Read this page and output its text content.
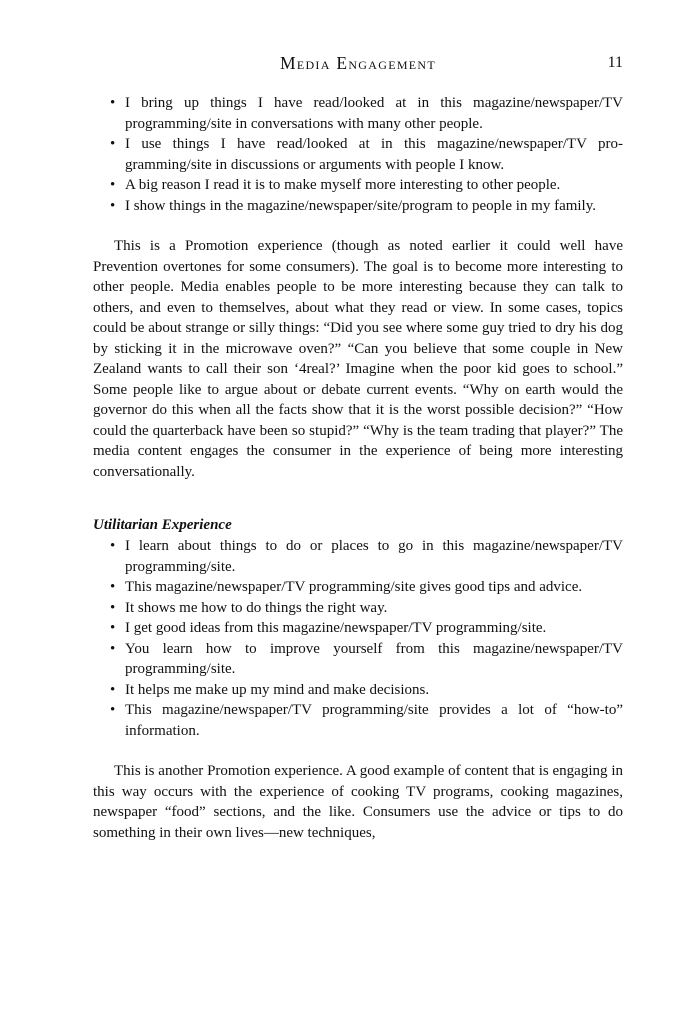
Media Engagement	11
• I bring up things I have read/looked at in this magazine/newspaper/TV programming/site in conversations with many other people.
• I use things I have read/looked at in this magazine/newspaper/TV programming/site in discussions or arguments with people I know.
• A big reason I read it is to make myself more interesting to other people.
• I show things in the magazine/newspaper/site/program to people in my family.

This is a Promotion experience (though as noted earlier it could well have Prevention overtones for some consumers). The goal is to become more interesting to other people. Media enables people to be more interesting because they can talk to others, and even to themselves, about what they read or view. In some cases, topics could be about strange or silly things: “Did you see where some guy tried to dry his dog by sticking it in the microwave oven?” “Can you believe that some couple in New Zealand wants to call their son ‘4real?’ Imagine when the poor kid goes to school.” Some people like to argue about or debate current events. “Why on earth would the governor do this when all the facts show that it is the worst possible decision?” “How could the quarterback have been so stupid?” “Why is the team trading that player?” The media content engages the consumer in the experience of being more interesting conversationally.

Utilitarian Experience
• I learn about things to do or places to go in this magazine/newspaper/TV programming/site.
• This magazine/newspaper/TV programming/site gives good tips and advice.
• It shows me how to do things the right way.
• I get good ideas from this magazine/newspaper/TV programming/site.
• You learn how to improve yourself from this magazine/newspaper/TV programming/site.
• It helps me make up my mind and make decisions.
• This magazine/newspaper/TV programming/site provides a lot of “how-to” information.

This is another Promotion experience. A good example of content that is engaging in this way occurs with the experience of cooking TV programs, cooking magazines, newspaper “food” sections, and the like. Consumers use the advice or tips to do something in their own lives—new techniques,
